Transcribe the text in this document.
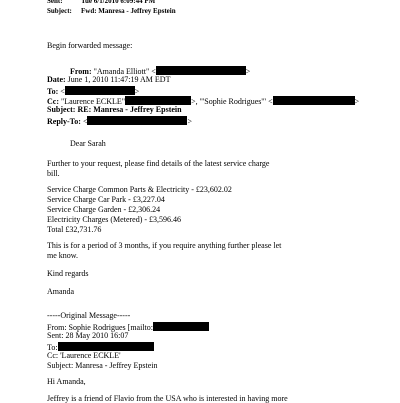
Sent:	Tue 6/1/2010 6:09:44 PM
Subject: Fwd: Manresa - Jeffrey Epstein
Begin forwarded message:
From: "Amanda Elliott" <	>
Date: June 1, 2010 11:47:19 AM EDT
To: <	>
Cc: "Laurence ECKLE"	>, "'Sophie Rodrigues'" <	>
Subject: RE: Manresa - Jeffrey Epstein
Reply-To: <	>
Dear Sarah
Further to your request, please find details of the latest service charge
bill.
Service Charge Common Parts & Electricity - £23,602.02
Service Charge Car Park - £3,227.04
Service Charge Garden - £2,306.24
Electricity Charges (Metered) - £3,596.46
Total £32,731.76
This is for a period of 3 months, if you require anything further please let
me know.
Kind regards
Amanda
-----Original Message-----
From: Sophie Rodrigues [mailto:
Sent: 28 May 2010 16:07
To:
Cc: 'Laurence ECKLE'
Subject: Manresa - Jeffrey Epstein
Hi Amanda,
Jeffrey is a friend of Flavio from the USA who is interested in having more
